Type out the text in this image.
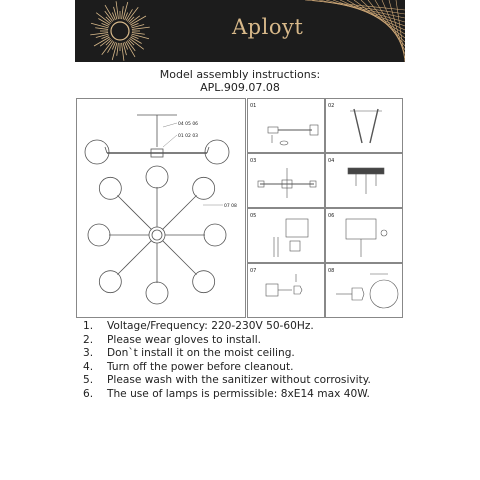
Aployt
Model assembly instructions:
APL.909.07.08
04 05 06
01 02 03
07 08
01	02
03	04
05	06
07	08
1. Voltage/Frequency: 220-230V 50-60Hz.
2. Please wear gloves to install.
3. Don`t install it on the moist ceiling.
4. Turn off the power before cleanout.
5. Please wash with the sanitizer without corrosivity.
6. The use of lamps is permissible: 8xE14 max 40W.
